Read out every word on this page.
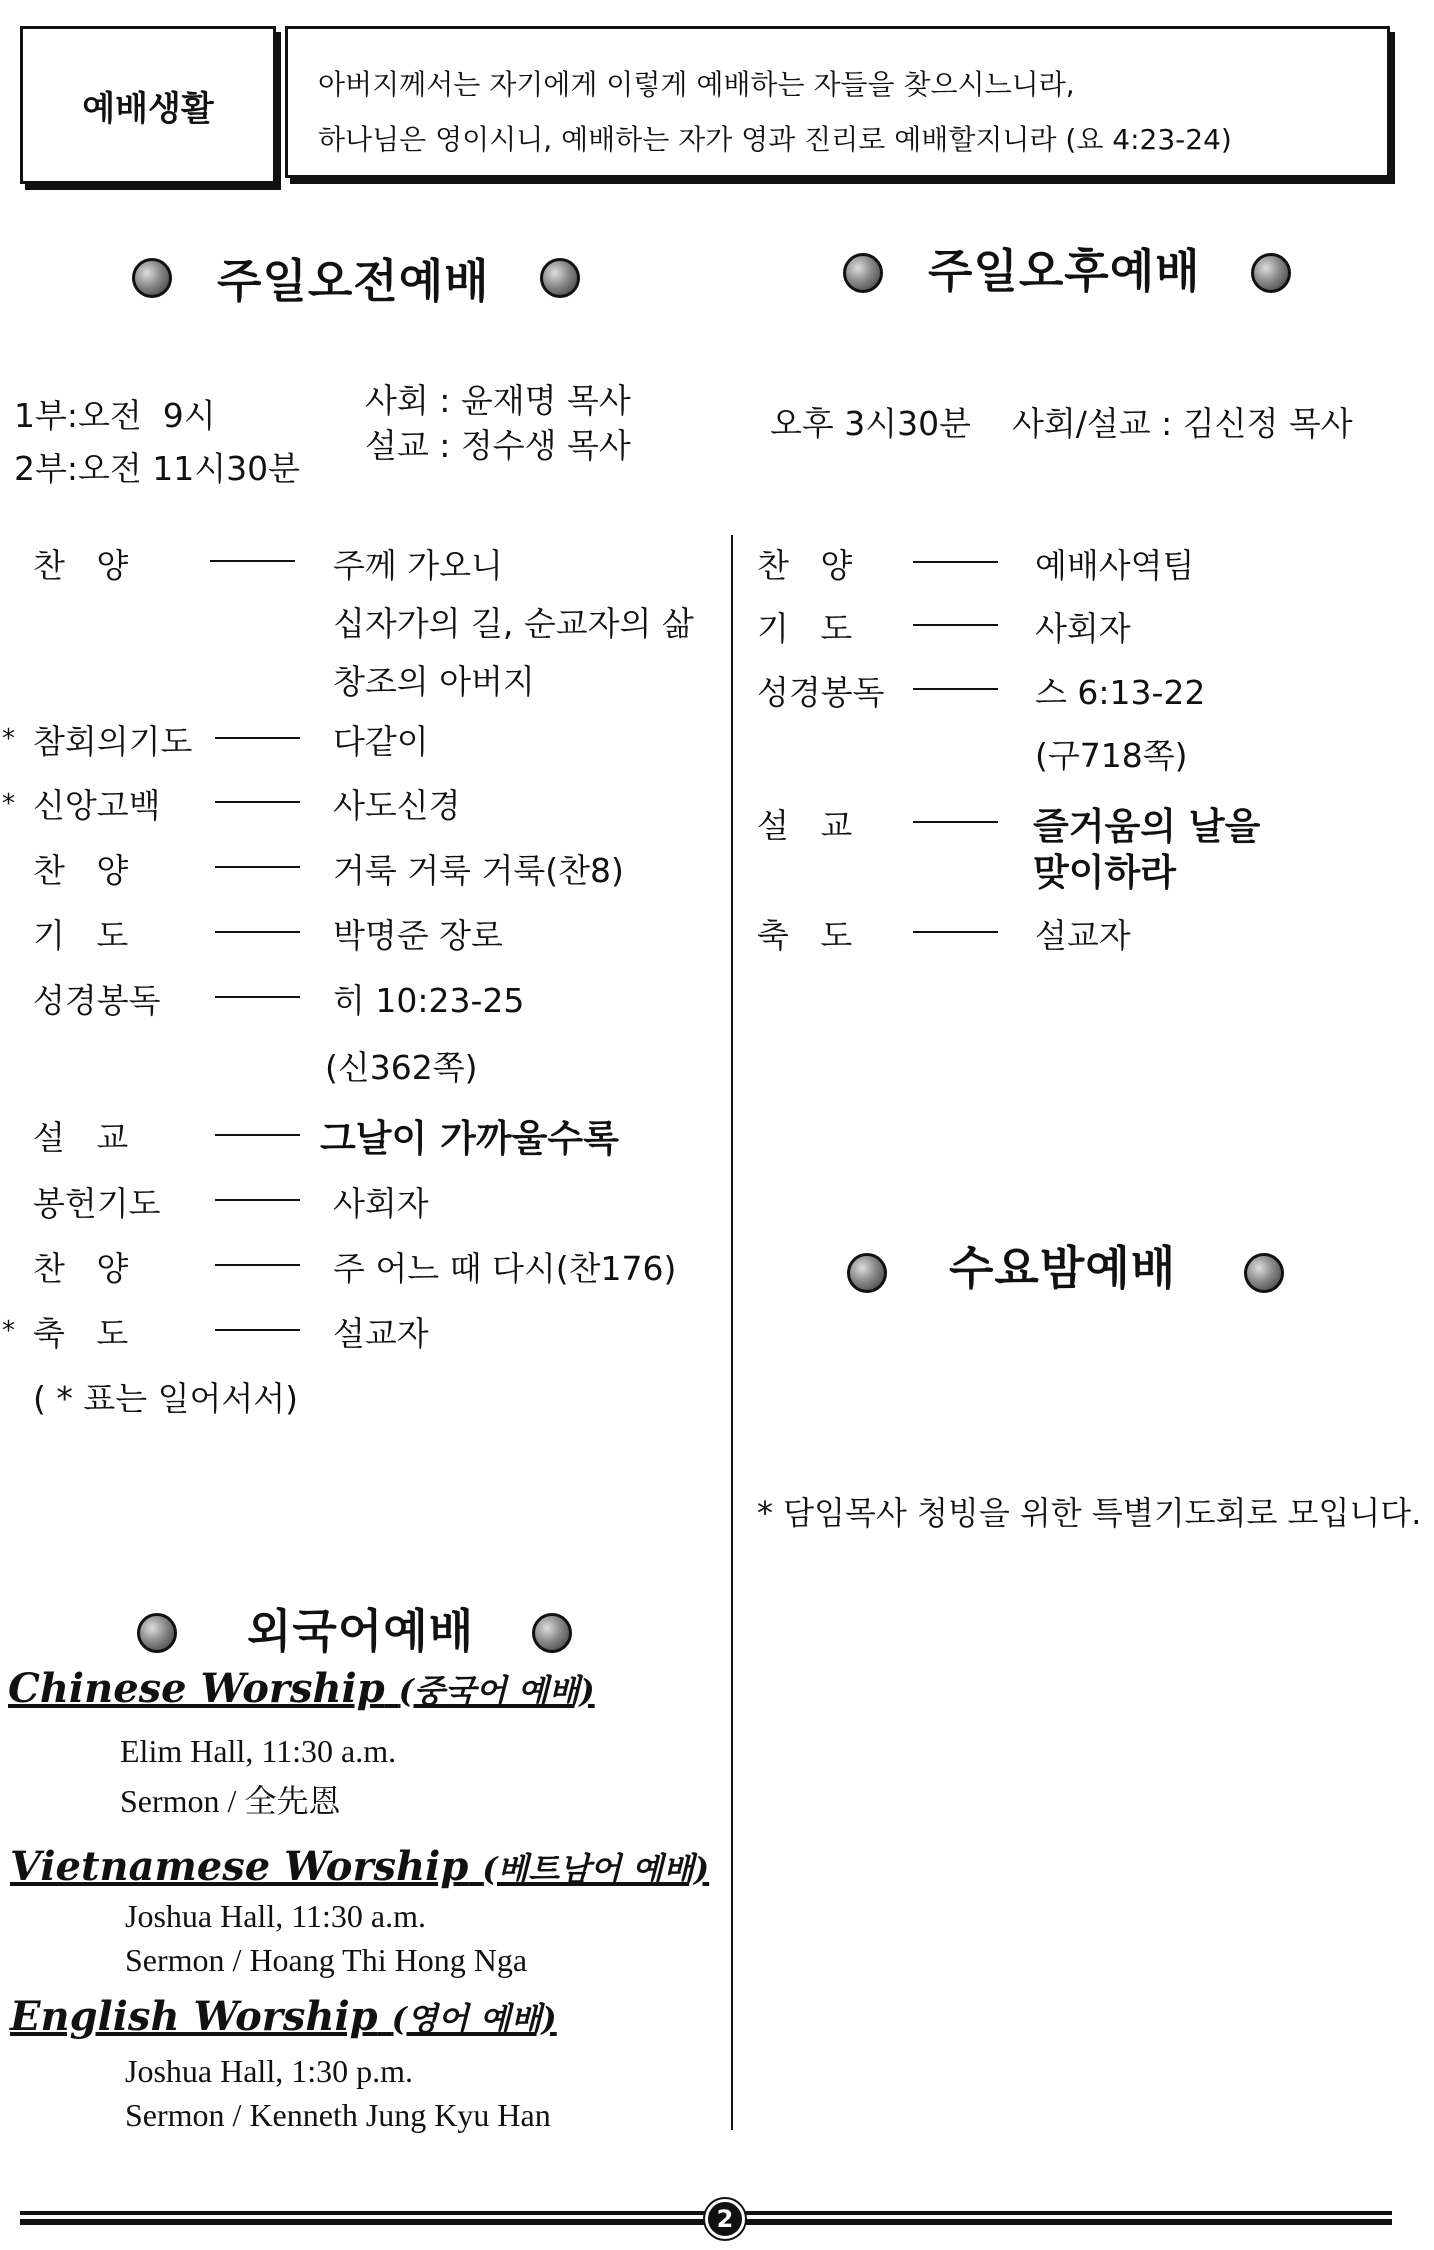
예배생활
아버지께서는 자기에게 이렇게 예배하는 자들을 찾으시느니라,
하나님은 영이시니, 예배하는 자가 영과 진리로 예배할지니라 (요 4:23-24)
주일오전예배	주일오후예배
1부:오전  9시
2부:오전 11시30분
사회 : 윤재명 목사
설교 : 정수생 목사
오후 3시30분 사회/설교 : 김신정 목사
찬   양	주께 가오니
십자가의 길, 순교자의 삶
창조의 아버지
* 참회의기도	다같이
* 신앙고백	사도신경
찬   양	거룩 거룩 거룩(찬8)
기   도	박명준 장로
성경봉독	히 10:23-25
(신362쪽)
설   교	그날이 가까울수록
봉헌기도	사회자
찬   양	주 어느 때 다시(찬176)
* 축   도	설교자
( * 표는 일어서서)
찬   양	예배사역팀
기   도	사회자
성경봉독	스 6:13-22
(구718쪽)
설   교	즐거움의 날을
맞이하라
축   도	설교자
수요밤예배
* 담임목사 청빙을 위한 특별기도회로 모입니다.
외국어예배
Chinese Worship (중국어 예배)
Elim Hall, 11:30 a.m.
Sermon / 全先恩
Vietnamese Worship (베트남어 예배)
Joshua Hall, 11:30 a.m.
Sermon / Hoang Thi Hong Nga
English Worship (영어 예배)
Joshua Hall, 1:30 p.m.
Sermon / Kenneth Jung Kyu Han
2
